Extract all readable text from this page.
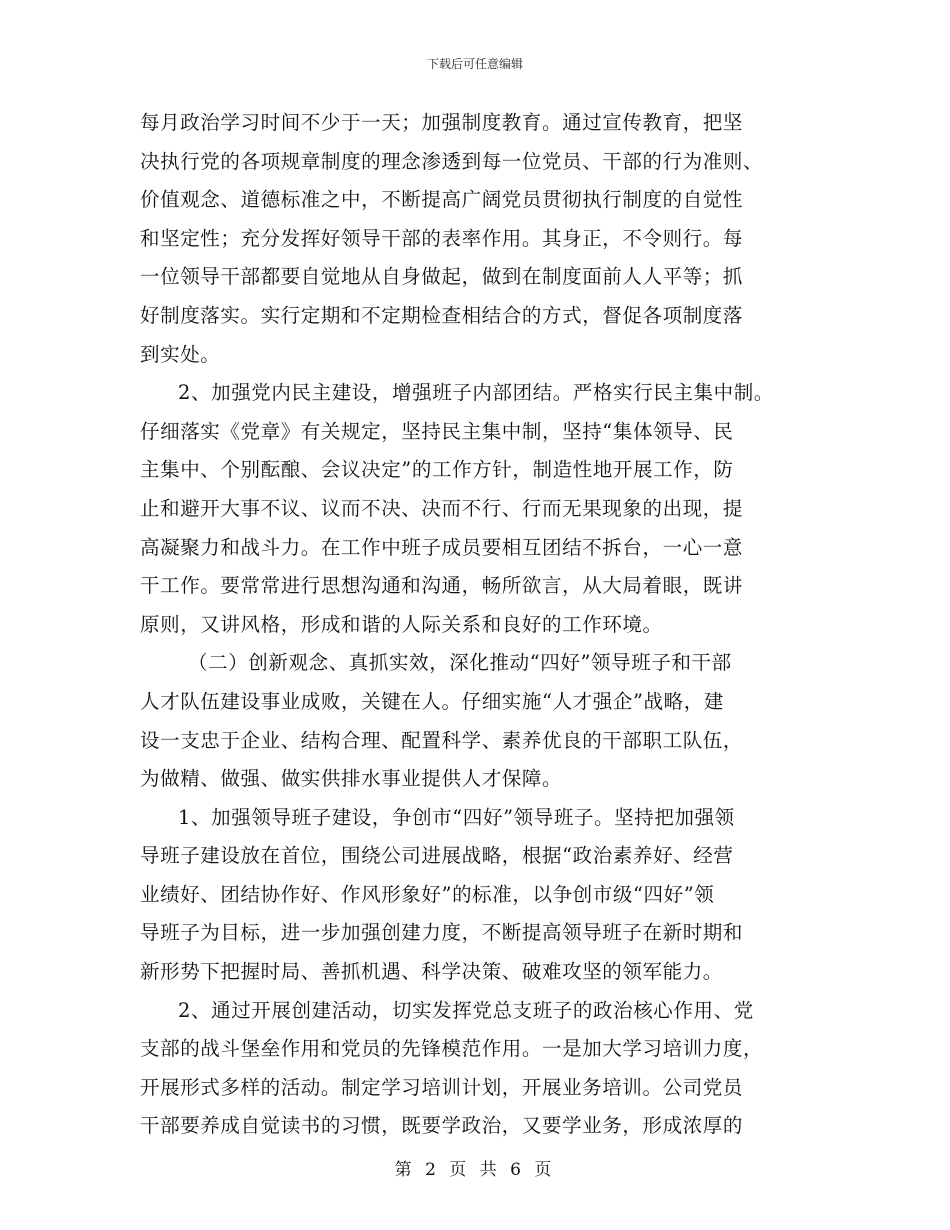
下载后可任意编辑
每月政治学习时间不少于一天；加强制度教育。通过宣传教育，把坚
决执行党的各项规章制度的理念渗透到每一位党员、干部的行为准则、
价值观念、道德标准之中，不断提高广阔党员贯彻执行制度的自觉性
和坚定性；充分发挥好领导干部的表率作用。其身正，不令则行。每
一位领导干部都要自觉地从自身做起，做到在制度面前人人平等；抓
好制度落实。实行定期和不定期检查相结合的方式，督促各项制度落
到实处。
2、加强党内民主建设，增强班子内部团结。严格实行民主集中制。
仔细落实《党章》有关规定，坚持民主集中制，坚持“集体领导、民
主集中、个别酝酿、会议决定”的工作方针，制造性地开展工作，防
止和避开大事不议、议而不决、决而不行、行而无果现象的出现，提
高凝聚力和战斗力。在工作中班子成员要相互团结不拆台，一心一意
干工作。要常常进行思想沟通和沟通，畅所欲言，从大局着眼，既讲
原则，又讲风格，形成和谐的人际关系和良好的工作环境。
（二）创新观念、真抓实效，深化推动“四好”领导班子和干部
人才队伍建设事业成败，关键在人。仔细实施“人才强企”战略，建
设一支忠于企业、结构合理、配置科学、素养优良的干部职工队伍，
为做精、做强、做实供排水事业提供人才保障。
1、加强领导班子建设，争创市“四好”领导班子。坚持把加强领
导班子建设放在首位，围绕公司进展战略，根据“政治素养好、经营
业绩好、团结协作好、作风形象好”的标准，以争创市级“四好”领
导班子为目标，进一步加强创建力度，不断提高领导班子在新时期和
新形势下把握时局、善抓机遇、科学决策、破难攻坚的领军能力。
2、通过开展创建活动，切实发挥党总支班子的政治核心作用、党
支部的战斗堡垒作用和党员的先锋模范作用。一是加大学习培训力度，
开展形式多样的活动。制定学习培训计划，开展业务培训。公司党员
干部要养成自觉读书的习惯，既要学政治，又要学业务，形成浓厚的
第 2 页 共 6 页
